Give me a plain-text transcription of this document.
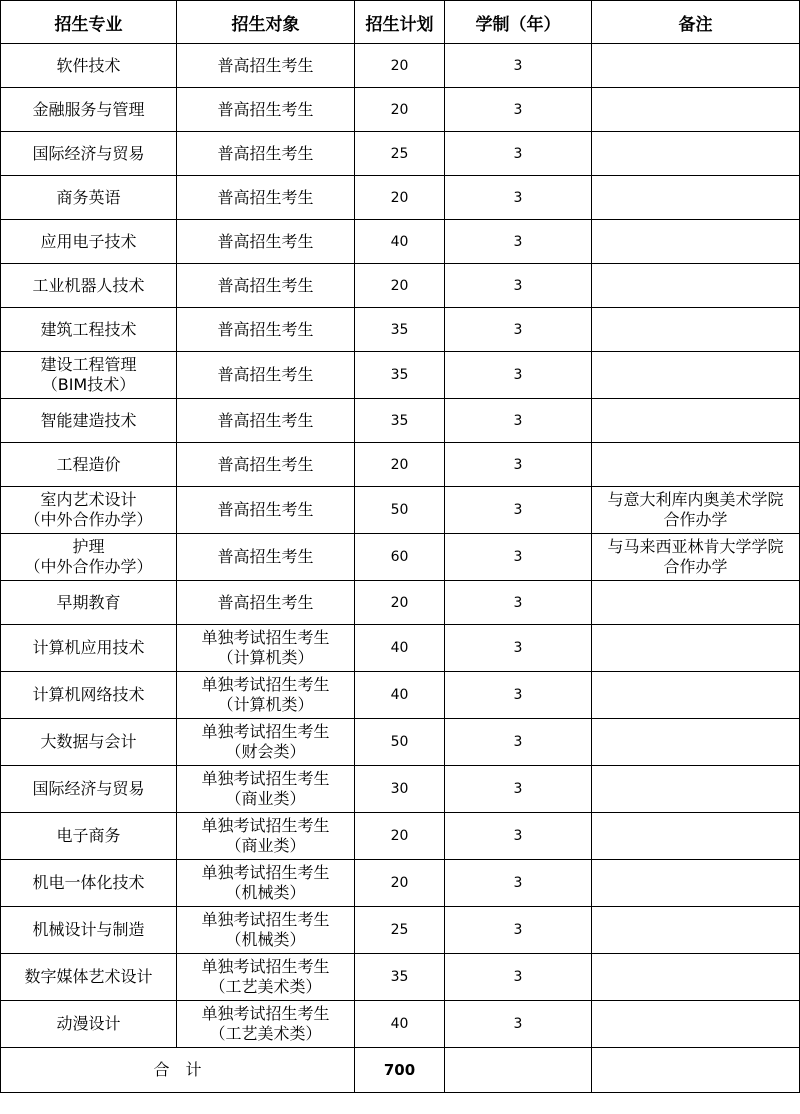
招生专业	招生对象	招生计划	学制（年）	备注

软件技术	普高招生考生	20	3	

金融服务与管理	普高招生考生	20	3	

国际经济与贸易	普高招生考生	25	3	

商务英语	普高招生考生	20	3	

应用电子技术	普高招生考生	40	3	

工业机器人技术	普高招生考生	20	3	

建筑工程技术	普高招生考生	35	3	

建设工程管理
（BIM技术）	普高招生考生	35	3	

智能建造技术	普高招生考生	35	3	

工程造价	普高招生考生	20	3	

室内艺术设计
（中外合作办学）	普高招生考生	50	3	与意大利库内奥美术学院
合作办学

护理
（中外合作办学）	普高招生考生	60	3	与马来西亚林肯大学学院
合作办学

早期教育	普高招生考生	20	3	

计算机应用技术	单独考试招生考生
（计算机类）	40	3	

计算机网络技术	单独考试招生考生
（计算机类）	40	3	

大数据与会计	单独考试招生考生
（财会类）	50	3	

国际经济与贸易	单独考试招生考生
（商业类）	30	3	

电子商务	单独考试招生考生
（商业类）	20	3	

机电一体化技术	单独考试招生考生
（机械类）	20	3	

机械设计与制造	单独考试招生考生
（机械类）	25	3	

数字媒体艺术设计	单独考试招生考生
（工艺美术类）	35	3	

动漫设计	单独考试招生考生
（工艺美术类）	40	3	
合　计		700		
